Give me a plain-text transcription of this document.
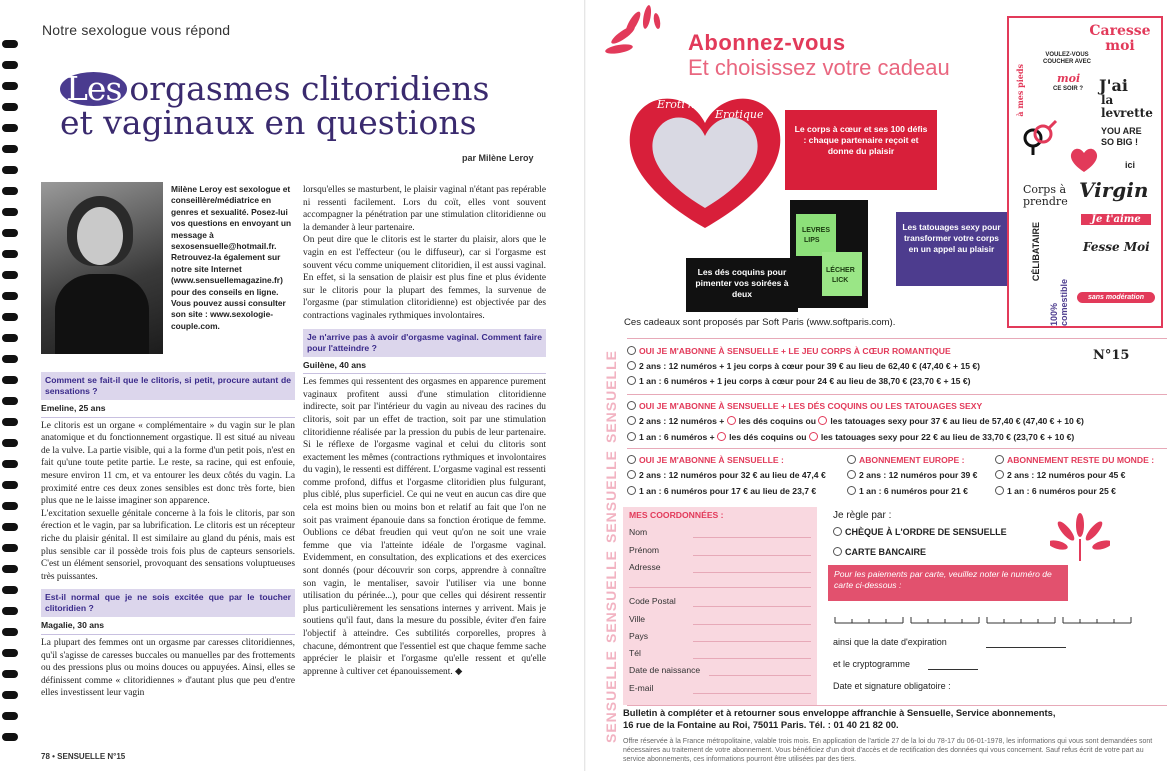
Notre sexologue vous répond
Les orgasmes clitoridiens
et vaginaux en questions
par Milène Leroy
Milène Leroy est sexologue et conseillère/médiatrice en genres et sexualité. Posez-lui vos questions en envoyant un message à sexosensuelle@hotmail.fr. Retrouvez-la également sur notre site Internet (www.sensuellemagazine.fr) pour des conseils en ligne. Vous pouvez aussi consulter son site : www.sexologie-couple.com.
Comment se fait-il que le clitoris, si petit, procure autant de sensations ?
Emeline, 25 ans

Le clitoris est un organe « complémentaire » du vagin sur le plan anatomique et du fonctionnement orgastique. Il est situé au niveau de la vulve. La partie visible, qui a la forme d'un petit pois, n'est en fait qu'une toute petite partie. Le reste, sa racine, qui est enfouie, mesure environ 11 cm, et va entourer les deux côtés du vagin. La proximité entre ces deux zones sensibles est donc très forte, bien plus que ne le laisse imaginer son apparence.

L'excitation sexuelle génitale concerne à la fois le clitoris, par son érection et le vagin, par sa lubrification. Le clitoris est un récepteur riche du plaisir génital. Il est similaire au gland du pénis, mais est plus sensible car il possède trois fois plus de capteurs sensoriels. C'est un élément sensoriel, provoquant des sensations voluptueuses très puissantes.

Est-il normal que je ne sois excitée que par le toucher clitoridien ?
Magalie, 30 ans

La plupart des femmes ont un orgasme par caresses clitoridiennes, qu'il s'agisse de caresses buccales ou manuelles par des frottements ou des pressions plus ou moins douces ou appuyées. Ainsi, elles se définissent comme « clitoridiennes » d'autant plus que peu d'entre elles investissent leur vagin

lorsqu'elles se masturbent, le plaisir vaginal n'étant pas repérable ni ressenti facilement. Lors du coït, elles vont souvent accompagner la pénétration par une stimulation clitoridienne ou la demander à leur partenaire.

On peut dire que le clitoris est le starter du plaisir, alors que le vagin en est l'effecteur (ou le diffuseur), car si l'orgasme est souvent vécu comme uniquement clitoridien, il est aussi vaginal. En effet, si la sensation de plaisir est plus fine et plus évidente sur le clitoris pour la plupart des femmes, la survenue de l'orgasme (par stimulation clitoridienne) est objectivée par des contractions vaginales rythmiques involontaires.

Je n'arrive pas à avoir d'orgasme vaginal. Comment faire pour l'atteindre ?
Guilène, 40 ans

Les femmes qui ressentent des orgasmes en apparence purement vaginaux profitent aussi d'une stimulation clitoridienne indirecte, soit par l'intérieur du vagin au niveau des racines du clitoris, soit par un effet de traction, soit par une stimulation clitoridienne réalisée par la pression du pubis de leur partenaire. Si le réflexe de l'orgasme vaginal et celui du clitoris sont exactement les mêmes (contractions rythmiques et involontaires du vagin), le ressenti est différent. L'orgasme vaginal est ressenti comme profond, diffus et l'orgasme clitoridien plus fulgurant, plus ciblé, plus superficiel. Ce qui ne veut en aucun cas dire que cela est moins bien ou moins bon et relatif au fait que l'on ne soit pas vraiment épanouie dans sa fonction érotique de femme. Oublions ce débat freudien qui veut qu'on ne soit une vraie femme que via l'atteinte idéale de l'orgasme vaginal. Evidemment, en consultation, des explications et des exercices sont donnés (pour découvrir son corps, apprendre à connaître son vagin, le mentaliser, savoir l'utiliser via une bonne utilisation du périnée...), pour que celles qui désirent ressentir plus particulièrement les sensations internes y arrivent. Mais je soutiens qu'il faut, dans la mesure du possible, éviter d'en faire l'objectif à atteindre. Ces subtilités corporelles, propres à chacune, démontrent que l'essentiel est que chaque femme sache apprécier le plaisir et l'orgasme qu'elle ressent et qu'elle apprenne à cultiver cet épanouissement. ◆

78 • SENSUELLE N°15
Abonnez-vous
Et choisissez votre cadeau
Eroti'k
Erotique
Le corps à cœur et ses 100 défis : chaque partenaire reçoit et donne du plaisir
LEVRES
LIPS
LÉCHER
LICK
Les dés coquins pour pimenter vos soirées à deux
Les tatouages sexy pour transformer votre corps en un appel au plaisir
Caresse moi
VOULEZ-VOUS COUCHER AVEC
moi
CE SOIR ?
à mes pieds	J'ai
la levrette
YOU ARE SO BIG !
ici
Corps à prendre Virgin
CÉLIBATAIRE
Je t'aime
Fesse Moi
100% comestible	sans modération
Ces cadeaux sont proposés par Soft Paris (www.softparis.com).
SENSUELLE
SENSUELLE
SENSUELLE
SENSUELLE
N°15
OUI JE M'ABONNE À SENSUELLE + LE JEU CORPS À CŒUR ROMANTIQUE
2 ans : 12 numéros + 1 jeu corps à cœur pour 39 € au lieu de 62,40 € (47,40 € + 15 €)
1 an : 6 numéros + 1 jeu corps à cœur pour 24 € au lieu de 38,70 € (23,70 € + 15 €)
OUI JE M'ABONNE À SENSUELLE + LES DÉS COQUINS OU LES TATOUAGES SEXY
2 ans : 12 numéros + les dés coquins ou les tatouages sexy pour 37 € au lieu de 57,40 € (47,40 € + 10 €)
1 an : 6 numéros + les dés coquins ou les tatouages sexy pour 22 € au lieu de 33,70 € (23,70 € + 10 €)
OUI JE M'ABONNE À SENSUELLE :
2 ans : 12 numéros pour 32 € au lieu de 47,4 €
1 an : 6 numéros pour 17 € au lieu de 23,7 €
ABONNEMENT EUROPE :
2 ans : 12 numéros pour 39 €
1 an : 6 numéros pour 21 €
ABONNEMENT RESTE DU MONDE :
2 ans : 12 numéros pour 45 €
1 an : 6 numéros pour 25 €
MES COORDONNÉES :
Nom
Prénom
Adresse
Code Postal
Ville
Pays
Tél
Date de naissance
E-mail
Je règle par :
CHÈQUE À L'ORDRE DE SENSUELLE
CARTE BANCAIRE
Pour les paiements par carte, veuillez noter le numéro de carte ci-dessous :
ainsi que la date d'expiration
et le cryptogramme
Date et signature obligatoire :
Bulletin à compléter et à retourner sous enveloppe affranchie à Sensuelle, Service abonnements,
16 rue de la Fontaine au Roi, 75011 Paris. Tél. : 01 40 21 82 00.
Offre réservée à la France métropolitaine, valable trois mois. En application de l'article 27 de la loi du 78-17 du 06-01-1978, les informations qui vous sont demandées sont nécessaires au traitement de votre abonnement. Vous bénéficiez d'un droit d'accès et de rectification des données qui vous concernent. Sauf refus écrit de votre part au service abonnements, ces informations pourront être utilisées par des tiers.
